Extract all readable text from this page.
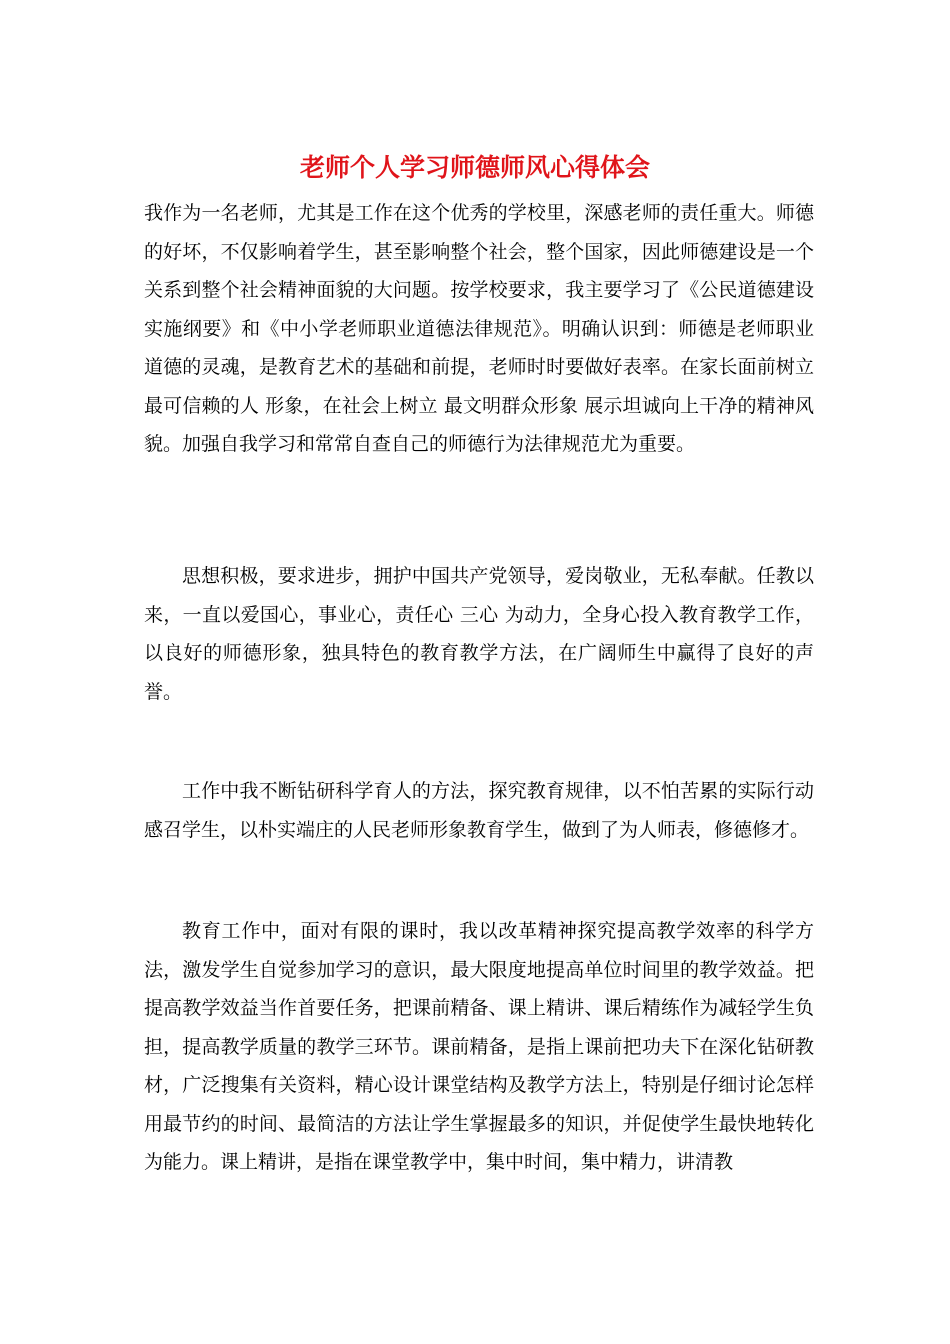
老师个人学习师德师风心得体会

我作为一名老师，尤其是工作在这个优秀的学校里，深感老师的责任重大。师德的好坏，不仅影响着学生，甚至影响整个社会，整个国家，因此师德建设是一个关系到整个社会精神面貌的大问题。按学校要求，我主要学习了《公民道德建设实施纲要》和《中小学老师职业道德法律规范》。明确认识到：师德是老师职业道德的灵魂，是教育艺术的基础和前提，老师时时要做好表率。在家长面前树立 最可信赖的人 形象，在社会上树立 最文明群众形象 展示坦诚向上干净的精神风貌。加强自我学习和常常自查自己的师德行为法律规范尤为重要。

思想积极，要求进步，拥护中国共产党领导，爱岗敬业，无私奉献。任教以来，一直以爱国心，事业心，责任心 三心 为动力，全身心投入教育教学工作，以良好的师德形象，独具特色的教育教学方法，在广阔师生中赢得了良好的声誉。

工作中我不断钻研科学育人的方法，探究教育规律，以不怕苦累的实际行动感召学生，以朴实端庄的人民老师形象教育学生，做到了为人师表，修德修才。

教育工作中，面对有限的课时，我以改革精神探究提高教学效率的科学方法，激发学生自觉参加学习的意识，最大限度地提高单位时间里的教学效益。把提高教学效益当作首要任务，把课前精备、课上精讲、课后精练作为减轻学生负担，提高教学质量的教学三环节。课前精备，是指上课前把功夫下在深化钻研教材，广泛搜集有关资料，精心设计课堂结构及教学方法上，特别是仔细讨论怎样用最节约的时间、最简洁的方法让学生掌握最多的知识，并促使学生最快地转化为能力。课上精讲，是指在课堂教学中，集中时间，集中精力，讲清教
